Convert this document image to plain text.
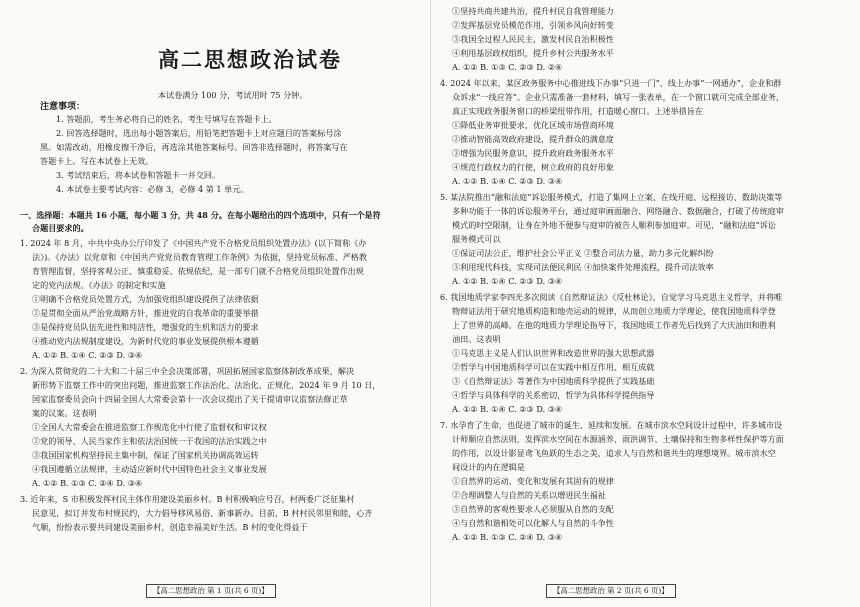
高二思想政治试卷
本试卷满分 100 分，考试用时 75 分钟。
注意事项：
1. 答题前，考生务必将自己的姓名、考生号填写在答题卡上。
2. 回答选择题时，选出每小题答案后，用铅笔把答题卡上对应题目的答案标号涂
黑。如需改动，用橡皮擦干净后，再选涂其他答案标号。回答非选择题时，将答案写在
答题卡上。写在本试卷上无效。
3. 考试结束后，将本试卷和答题卡一并交回。
4. 本试卷主要考试内容：必修 3，必修 4 第 1 单元。
一、选择题：本题共 16 小题，每小题 3 分，共 48 分。在每小题给出的四个选项中，只有一个是符
合题目要求的。
1. 2024 年 8 月，中共中央办公厅印发了《中国共产党不合格党员组织处置办法》(以下简称《办
法》)。《办法》以党章和《中国共产党党员教育管理工作条例》为依据，坚持党员标准、严格教
育管理监督，坚持客观公正、慎重稳妥、依规依纪，是一部专门就不合格党员组织处置作出规
定的党内法规。《办法》的制定和实施
①明确不合格党员处置方式，为加强党组织建设提供了法律依据
②是贯彻全面从严治党战略方针，推进党的自我革命的重要举措
③是保持党员队伍先进性和纯洁性，增强党的生机和活力的要求
④推动党内法规制度建设，为新时代党的事业发展提供根本遵循
A. ①② B. ①④ C. ②③ D. ③④
2. 为深入贯彻党的二十大和二十届三中全会决策部署，巩固拓展国家监察体制改革成果，解决
新形势下监察工作中的突出问题，推进监察工作法治化、法治化、正规化，2024 年 9 月 10 日，
国家监察委员会向十四届全国人大常委会第十一次会议提出了关于提请审议监察法修正草
案的议案。这表明
①全国人大常委会在推进监察工作规范化中行使了监督权和审议权
②党的领导、人民当家作主和依法治国统一于我国的法治实践之中
③我国国家机构坚持民主集中制，保证了国家机关协调高效运转
④我国遵循立法规律，主动适应新时代中国特色社会主义事业发展
A. ①② B. ①③ C. ②④ D. ③④
3. 近年来，S 市积极发挥村民主体作用建设美丽乡村。B 村积极响应号召，村两委广泛征集村
民意见，拟订并发布村规民约，大力倡导移风易俗、新事新办。目前，B 村村民邻里和睦，心齐
气顺，纷纷表示要共同建设美丽乡村，创造幸福美好生活。B 村的变化得益于
【高二思想政治 第 1 页(共 6 页)】
①坚持共商共建共治，提升村民自我管理能力
②发挥基层党员模范作用，引领乡风向好转变
③我国全过程人民民主，激发村民自治积极性
④利用基层政权组织，提升乡村公共服务水平
A. ①② B. ①③ C. ②③ D. ②④
4. 2024 年以来，某区政务服务中心推进线下办事“只进一门”、线上办事“一网通办”，企业和群
众诉求“一线应答”。企业只需准备一套材料，填写一张表单，在一个窗口就可完成全部业务，
真正实现政务服务窗口的桥梁纽带作用，打造暖心窗口。上述举措旨在
①降低业务审批要求，优化区域市场营商环境
②推动智能高效政府建设，提升群众的满意度
③增强为民服务意识，提升政府政务服务水平
④规范行政权力的行使，树立政府的良好形象
A. ①② B. ①④ C. ②③ D. ③④
5. 某法院推出“融和法庭”诉讼服务模式，打造了集网上立案、在线开庭、远程接访、数助决策等
多种功能于一体的诉讼服务平台，通过庭审画面融合、网络融合、数据融合，打破了传统庭审
模式的时空限制，让身在外地不便参与庭审的被告人顺利参加庭审。可见，“融和法庭”诉讼
服务模式可以
①保证司法公正，维护社会公平正义 ②整合司法力量，助力多元化解纠纷
③利用现代科技，实现司法便民利民 ④加快案件处理流程，提升司法效率
A. ①② B. ①④ C. ②③ D. ③④
6. 我国地质学家李四光多次阅读《自然辩证法》《反杜林论》，自觉学习马克思主义哲学，并将唯
物辩证法用于研究地质构造和地壳运动的规律，从而创立地质力学理论，使我国地质科学登
上了世界的高峰。在他的地质力学理论指导下，我国地质工作者先后找到了大庆油田和胜利
油田。这表明
①马克思主义是人们认识世界和改造世界的强大思想武器
②哲学与中国地质科学可以在实践中相互作用、相互成就
③《自然辩证法》等著作为中国地质科学提供了实践基础
④哲学与具体科学的关系密切，哲学为具体科学提供指导
A. ①② B. ①④ C. ②③ D. ③④
7. 水孕育了生命，也促进了城市的诞生、延续和发展。在城市滨水空间设计过程中，许多城市设
计师顺应自然法则，发挥滨水空间在水源涵养、雨洪调节、土壤保持和生物多样性保护等方面
的作用，以设计影显鸢飞鱼跃的生态之美，追求人与自然和谐共生的理想境界。城市滨水空
间设计的内在逻辑是
①自然界的运动、变化和发展有其固有的规律
②合理调整人与自然的关系以增进民生福祉
③自然界的客观性要求人必须服从自然的支配
④与自然和谐相处可以化解人与自然的斗争性
A. ①② B. ①③ C. ②④ D. ③④
【高二思想政治 第 2 页(共 6 页)】
